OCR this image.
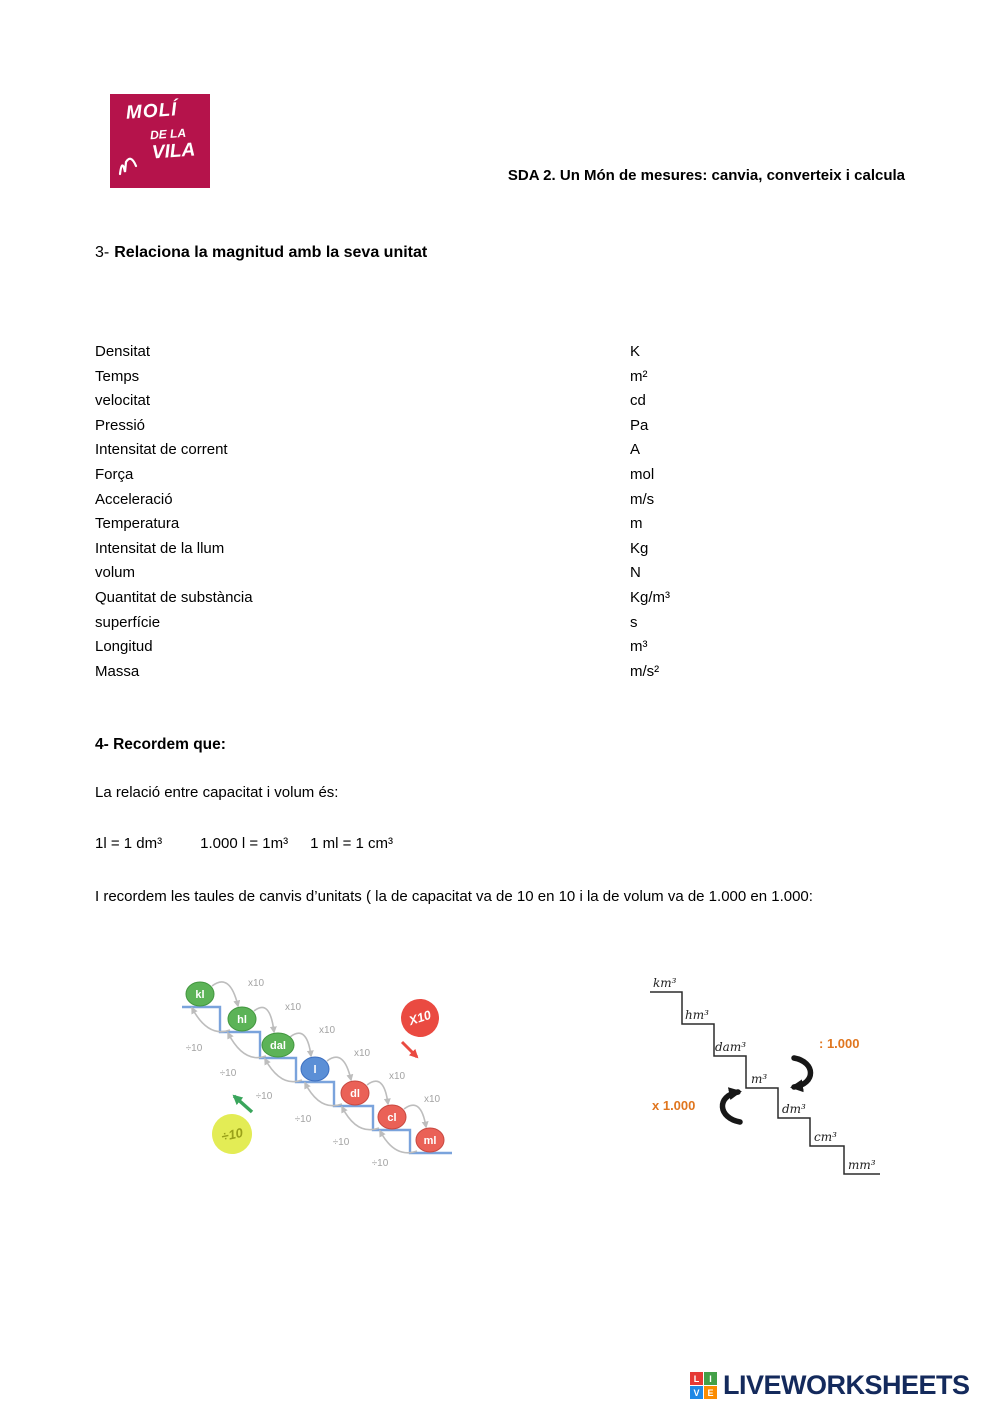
MOLÍ
DE LA
VILA
SDA 2. Un Món de mesures: canvia, converteix i calcula
3- Relaciona la magnitud amb la seva unitat
Densitat	K
Temps	m²
velocitat	cd
Pressió	Pa
Intensitat de corrent	A
Força	mol
Acceleració	m/s
Temperatura	m
Intensitat de la llum	Kg
volum	N
Quantitat de substància	Kg/m³
superfície	s
Longitud	m³
Massa	m/s²
4- Recordem que:
La relació entre capacitat i volum és:
1l = 1 dm³	1.000 l = 1m³ 1 ml = 1 cm³
I recordem les taules de canvis d’unitats ( la de capacitat va de 10 en 10 i la de volum va de 1.000 en 1.000:
x10
x10
x10
x10
x10
x10
÷10
÷10
÷10
÷10
÷10
÷10
kl
hl
dal
l
dl
cl
ml
X10
÷10
km³
hm³
dam³
m³
dm³
cm³
mm³
: 1.000
x 1.000
L	I
V E LIVEWORKSHEETS
